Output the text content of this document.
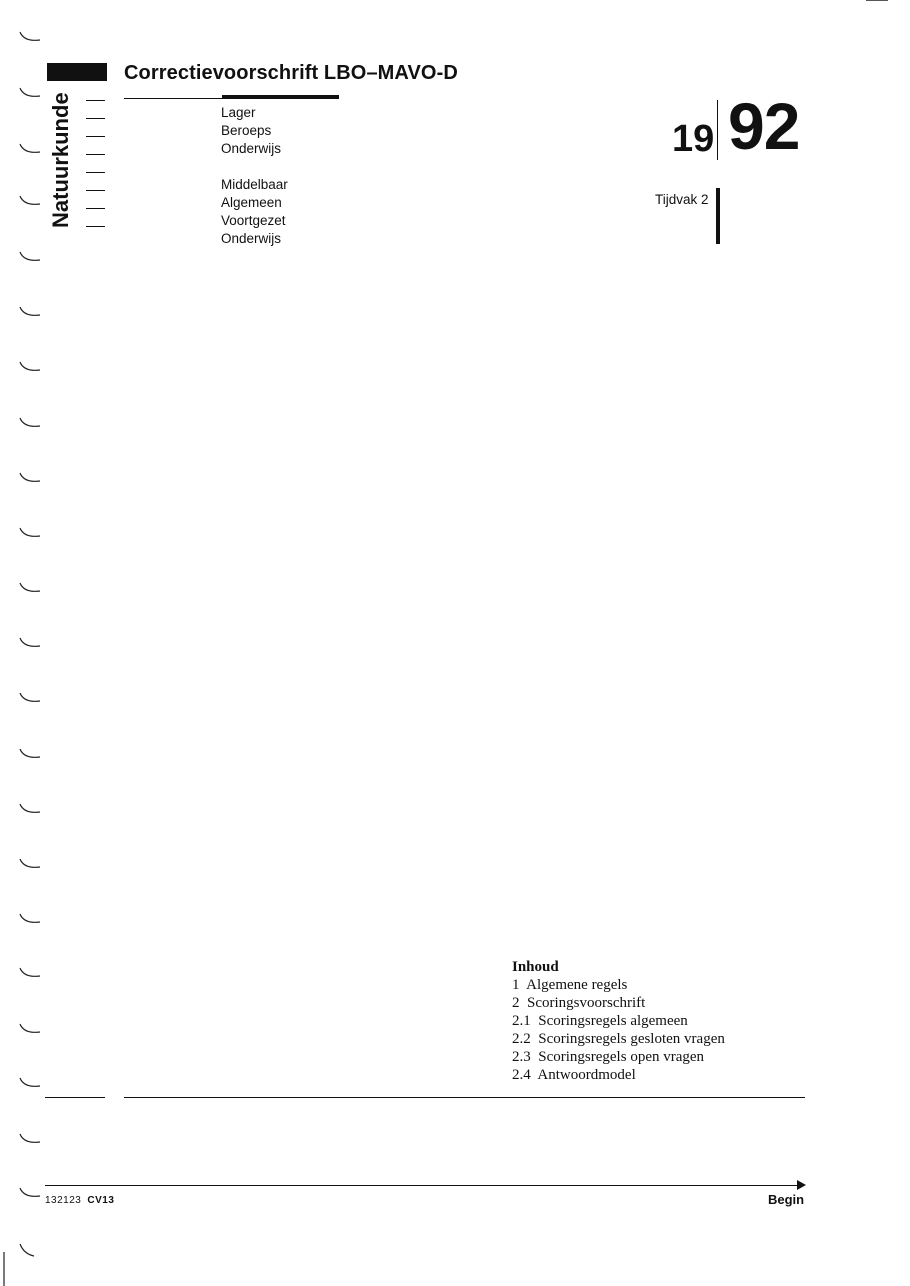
Correctievoorschrift LBO–MAVO-D
Natuurkunde	Lager
Beroeps
Onderwijs
Middelbaar
Algemeen
Voortgezet
Onderwijs
19 92
Tijdvak 2
Inhoud
1  Algemene regels
2  Scoringsvoorschrift
2.1  Scoringsregels algemeen
2.2  Scoringsregels gesloten vragen
2.3  Scoringsregels open vragen
2.4  Antwoordmodel
132123 CV13	Begin
